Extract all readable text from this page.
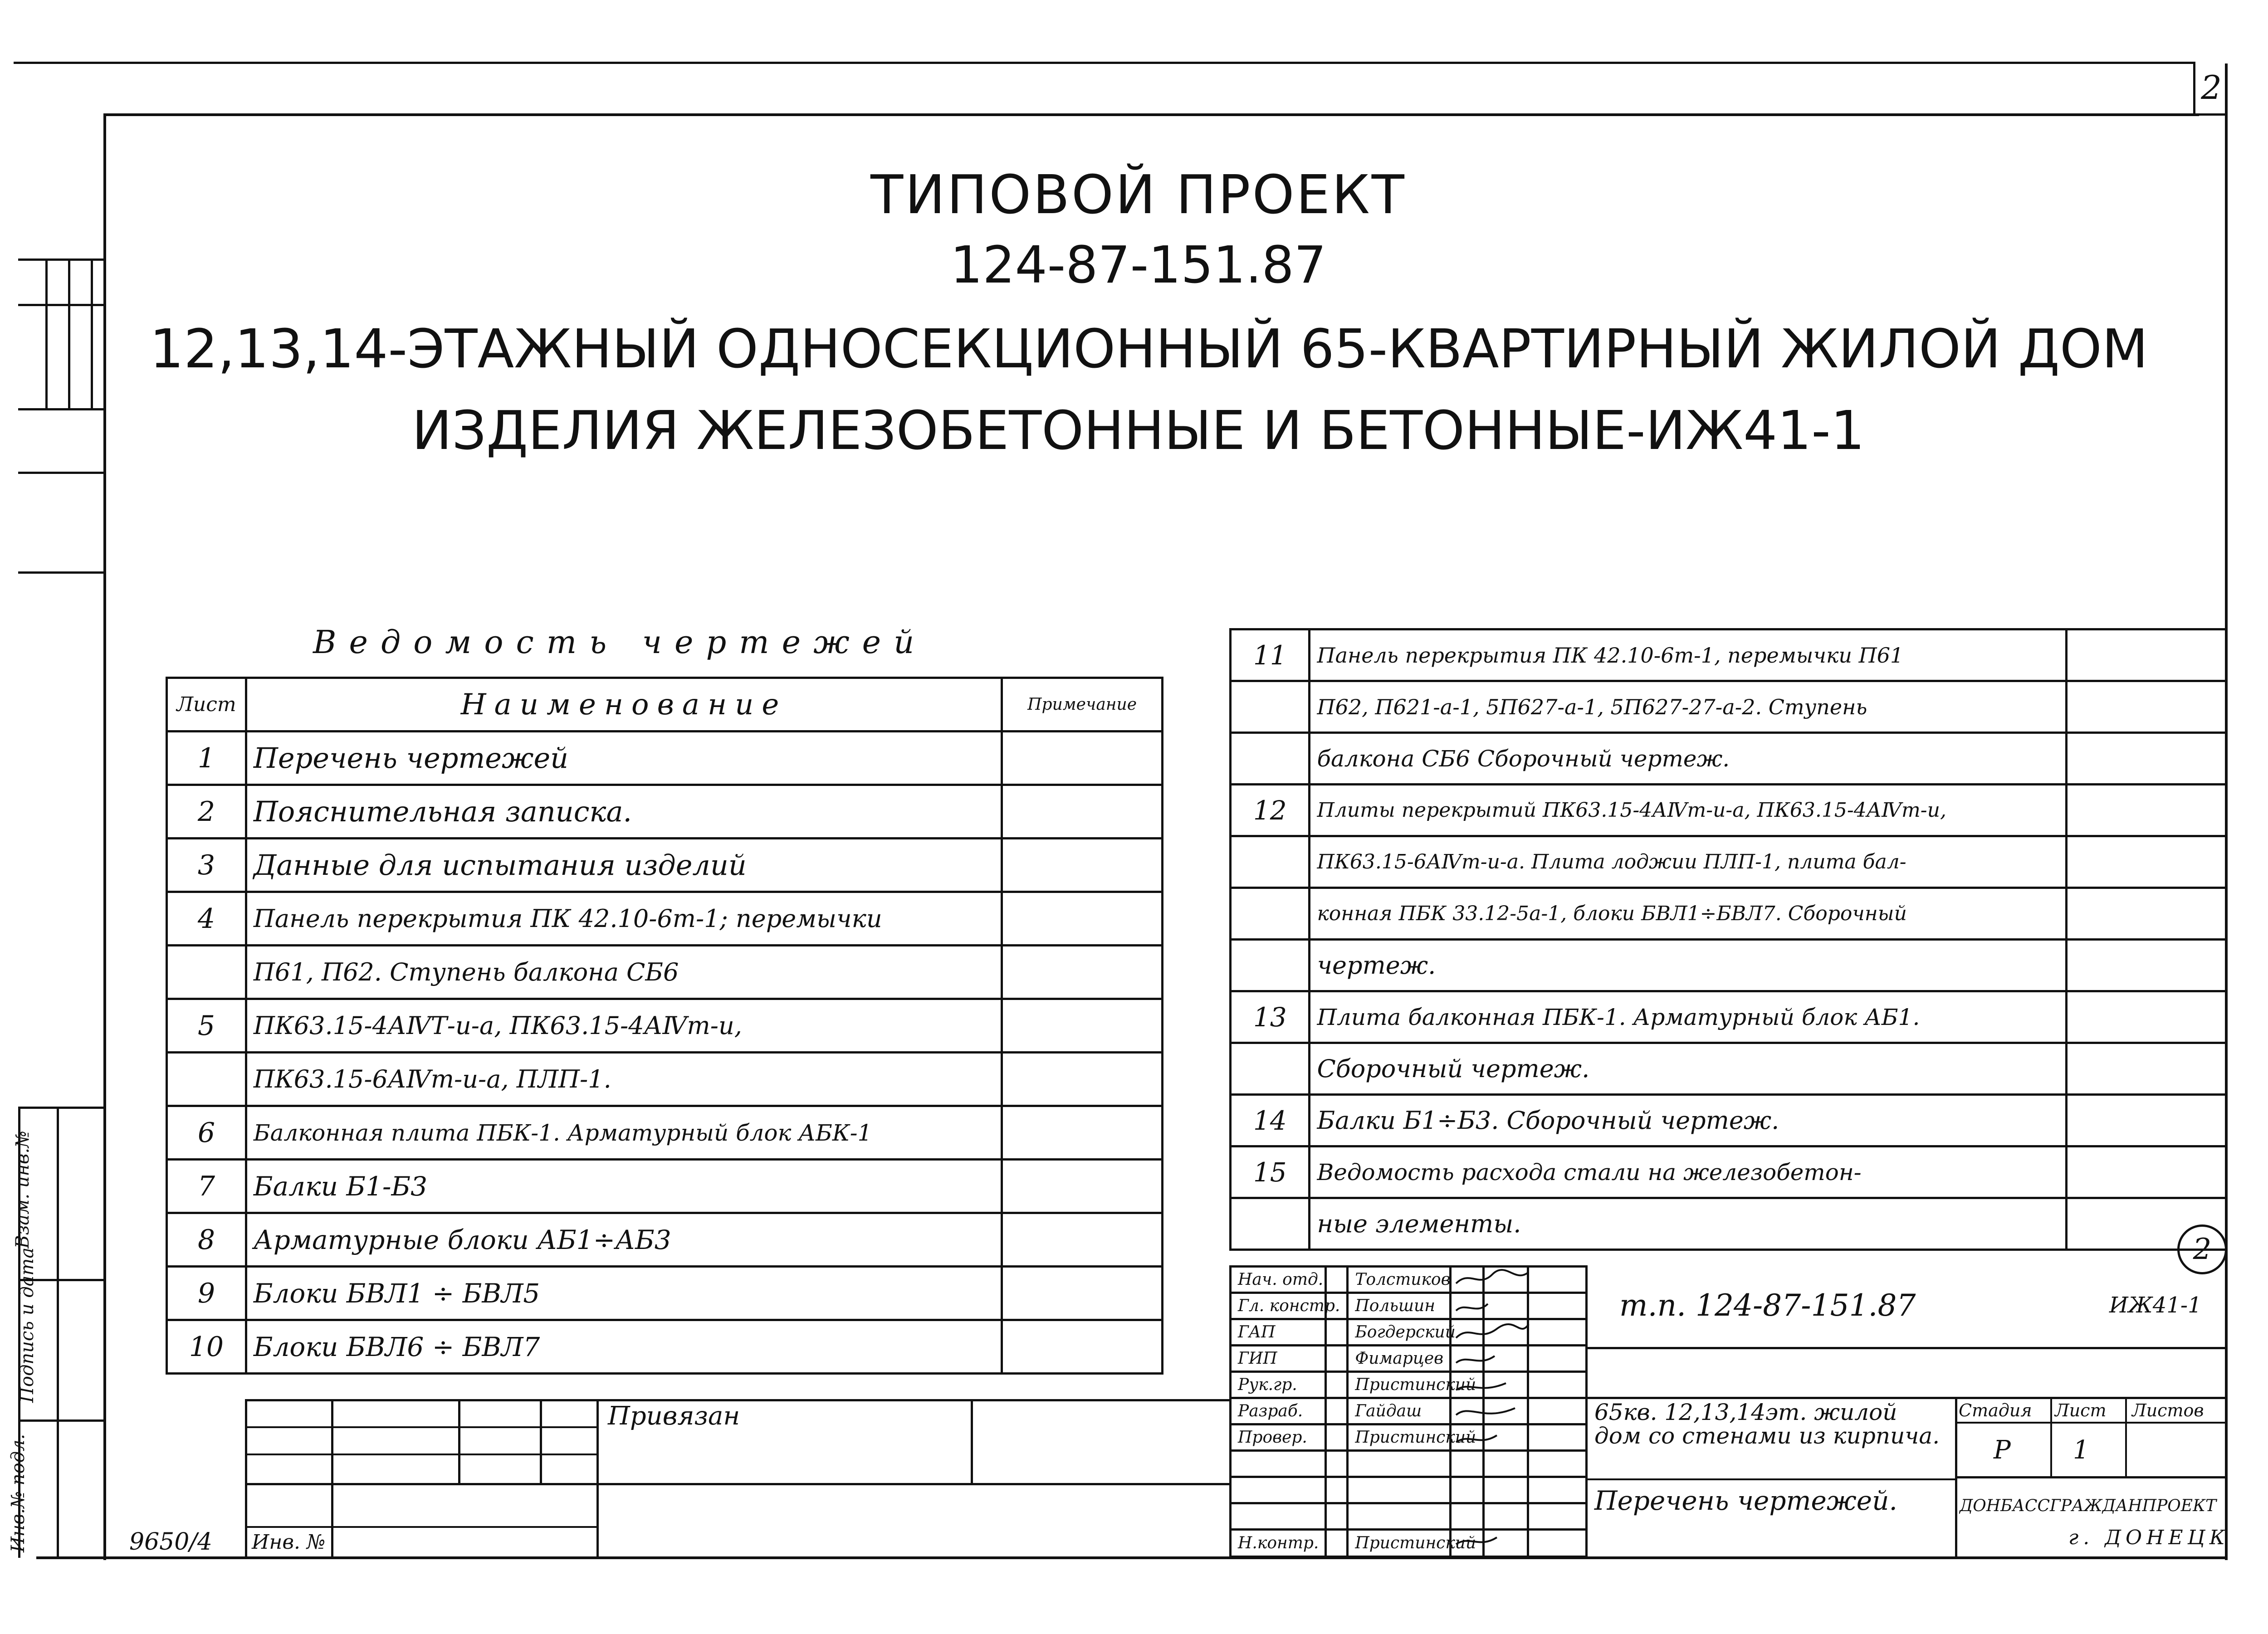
2
Инв.№ подл.
Подпись и дата
Взам. инв.№
ТИПОВОЙ ПРОЕКТ
124-87-151.87
12,13,14-ЭТАЖНЫЙ ОДНОСЕКЦИОННЫЙ 65-КВАРТИРНЫЙ ЖИЛОЙ ДОМ
ИЗДЕЛИЯ ЖЕЛЕЗОБЕТОННЫЕ И БЕТОННЫЕ-ИЖ41-1
Ведомость чертежей
Лист	Наименование	Примечание
1	Перечень чертежей	
2	Пояснительная записка.	
3	Данные для испытания изделий	
4	Панель перекрытия ПК 42.10-6т-1; перемычки	
	П61, П62. Ступень балкона СБ6	
5	ПК63.15-4АⅣТ-и-а, ПК63.15-4АⅣт-и,	
	ПК63.15-6АⅣт-и-а, ПЛП-1.	
6	Балконная плита ПБК-1. Арматурный блок АБК-1	
7	Балки Б1-Б3	
8	Арматурные блоки АБ1÷АБ3	
9	Блоки БВЛ1 ÷ БВЛ5	
10	Блоки БВЛ6 ÷ БВЛ7	
11	Панель перекрытия ПК 42.10-6т-1, перемычки П61	
	П62, П621-а-1, 5П627-а-1, 5П627-27-а-2. Ступень	
	балкона СБ6 Сборочный чертеж.	
12	Плиты перекрытий ПК63.15-4АⅣт-и-а, ПК63.15-4АⅣт-и,	
	ПК63.15-6АⅣт-и-а. Плита лоджии ПЛП-1, плита бал-	
	конная ПБК 33.12-5а-1, блоки БВЛ1÷БВЛ7. Сборочный	
	чертеж.	
13	Плита балконная ПБК-1. Арматурный блок АБ1.	
	Сборочный чертеж.	
14	Балки Б1÷Б3. Сборочный чертеж.	
15	Ведомость расхода стали на железобетон-	
	ные элементы.	
2
Привязан
Инв. №
9650/4
Нач. отд.	Толстиков		
Гл. констр.	Польшин		
ГАП	Богдерский		
ГИП	Фимарцев		
Рук.гр.	Пристинский		
Разраб.	Гайдаш		
Провер.	Пристинский		

Н.контр.	Пристинский		
т.п. 124-87-151.87	ИЖ41-1
65кв. 12,13,14эт. жилой дом со стенами из кирпича.
Перечень чертежей.
Стадия Лист Листов
Р 1
ДОНБАССГРАЖДАНПРОЕКТ
г. ДОНЕЦК
